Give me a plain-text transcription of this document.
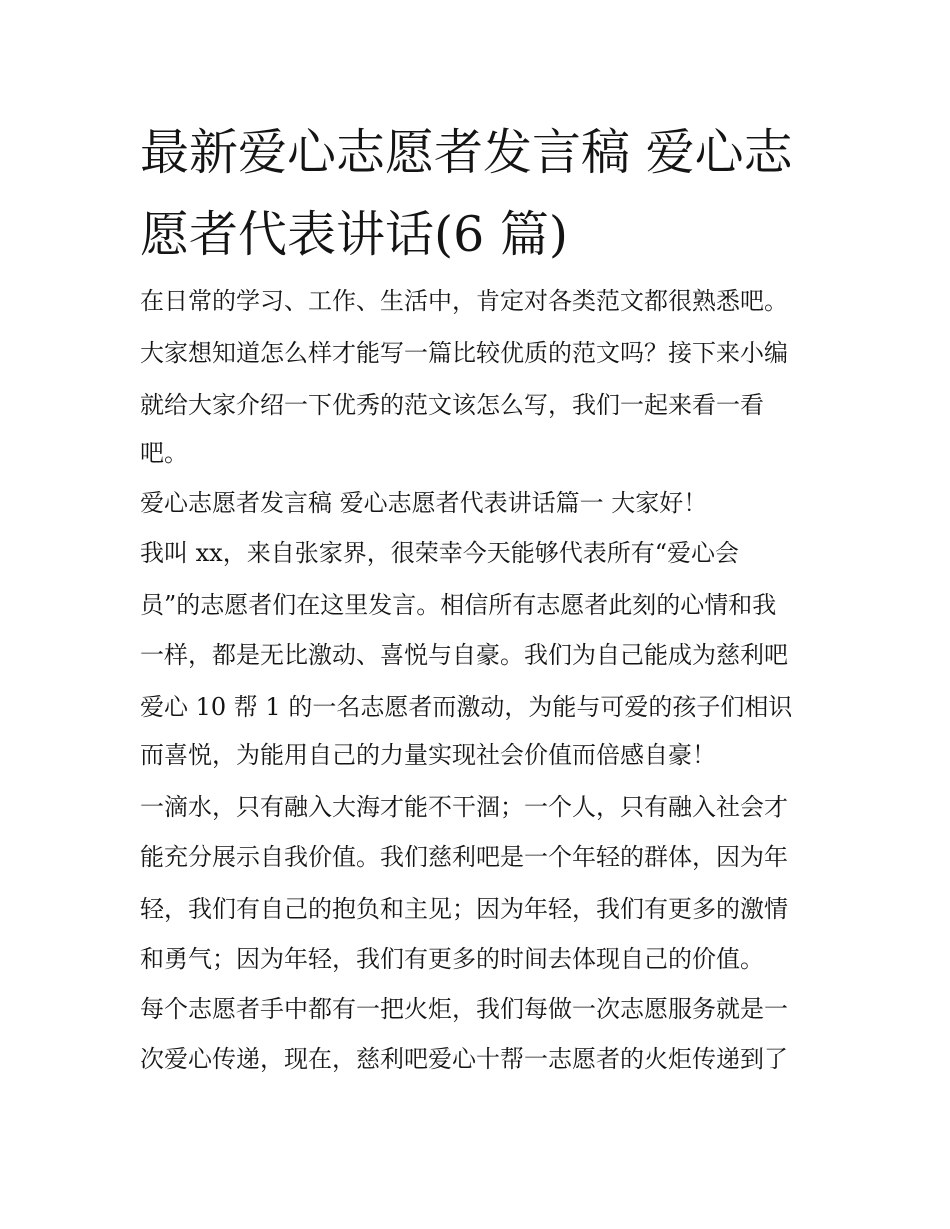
最新爱心志愿者发言稿 爱心志
愿者代表讲话(6 篇)
在日常的学习、工作、生活中，肯定对各类范文都很熟悉吧。
大家想知道怎么样才能写一篇比较优质的范文吗？接下来小编
就给大家介绍一下优秀的范文该怎么写，我们一起来看一看
吧。
爱心志愿者发言稿 爱心志愿者代表讲话篇一 大家好！
我叫 xx，来自张家界，很荣幸今天能够代表所有“爱心会
员”的志愿者们在这里发言。相信所有志愿者此刻的心情和我
一样，都是无比激动、喜悦与自豪。我们为自己能成为慈利吧
爱心 10 帮 1 的一名志愿者而激动，为能与可爱的孩子们相识
而喜悦，为能用自己的力量实现社会价值而倍感自豪！
一滴水，只有融入大海才能不干涸；一个人，只有融入社会才
能充分展示自我价值。我们慈利吧是一个年轻的群体，因为年
轻，我们有自己的抱负和主见；因为年轻，我们有更多的激情
和勇气；因为年轻，我们有更多的时间去体现自己的价值。
每个志愿者手中都有一把火炬，我们每做一次志愿服务就是一
次爱心传递，现在，慈利吧爱心十帮一志愿者的火炬传递到了
